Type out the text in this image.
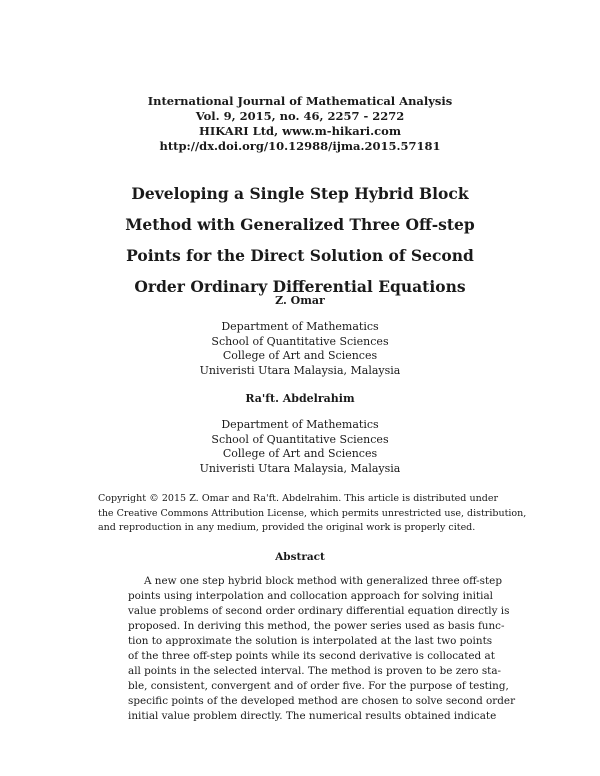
International Journal of Mathematical Analysis
Vol. 9, 2015, no. 46, 2257 - 2272
HIKARI Ltd, www.m-hikari.com
http://dx.doi.org/10.12988/ijma.2015.57181
Developing a Single Step Hybrid Block
Method with Generalized Three Off-step
Points for the Direct Solution of Second
Order Ordinary Differential Equations
Z. Omar
Department of Mathematics
School of Quantitative Sciences
College of Art and Sciences
Univeristi Utara Malaysia, Malaysia
Ra'ft. Abdelrahim
Department of Mathematics
School of Quantitative Sciences
College of Art and Sciences
Univeristi Utara Malaysia, Malaysia
Copyright © 2015 Z. Omar and Ra'ft. Abdelrahim. This article is distributed under
the Creative Commons Attribution License, which permits unrestricted use, distribution,
and reproduction in any medium, provided the original work is properly cited.
Abstract
A new one step hybrid block method with generalized three off-step
points using interpolation and collocation approach for solving initial
value problems of second order ordinary differential equation directly is
proposed. In deriving this method, the power series used as basis func-
tion to approximate the solution is interpolated at the last two points
of the three off-step points while its second derivative is collocated at
all points in the selected interval. The method is proven to be zero sta-
ble, consistent, convergent and of order five. For the purpose of testing,
specific points of the developed method are chosen to solve second order
initial value problem directly. The numerical results obtained indicate
